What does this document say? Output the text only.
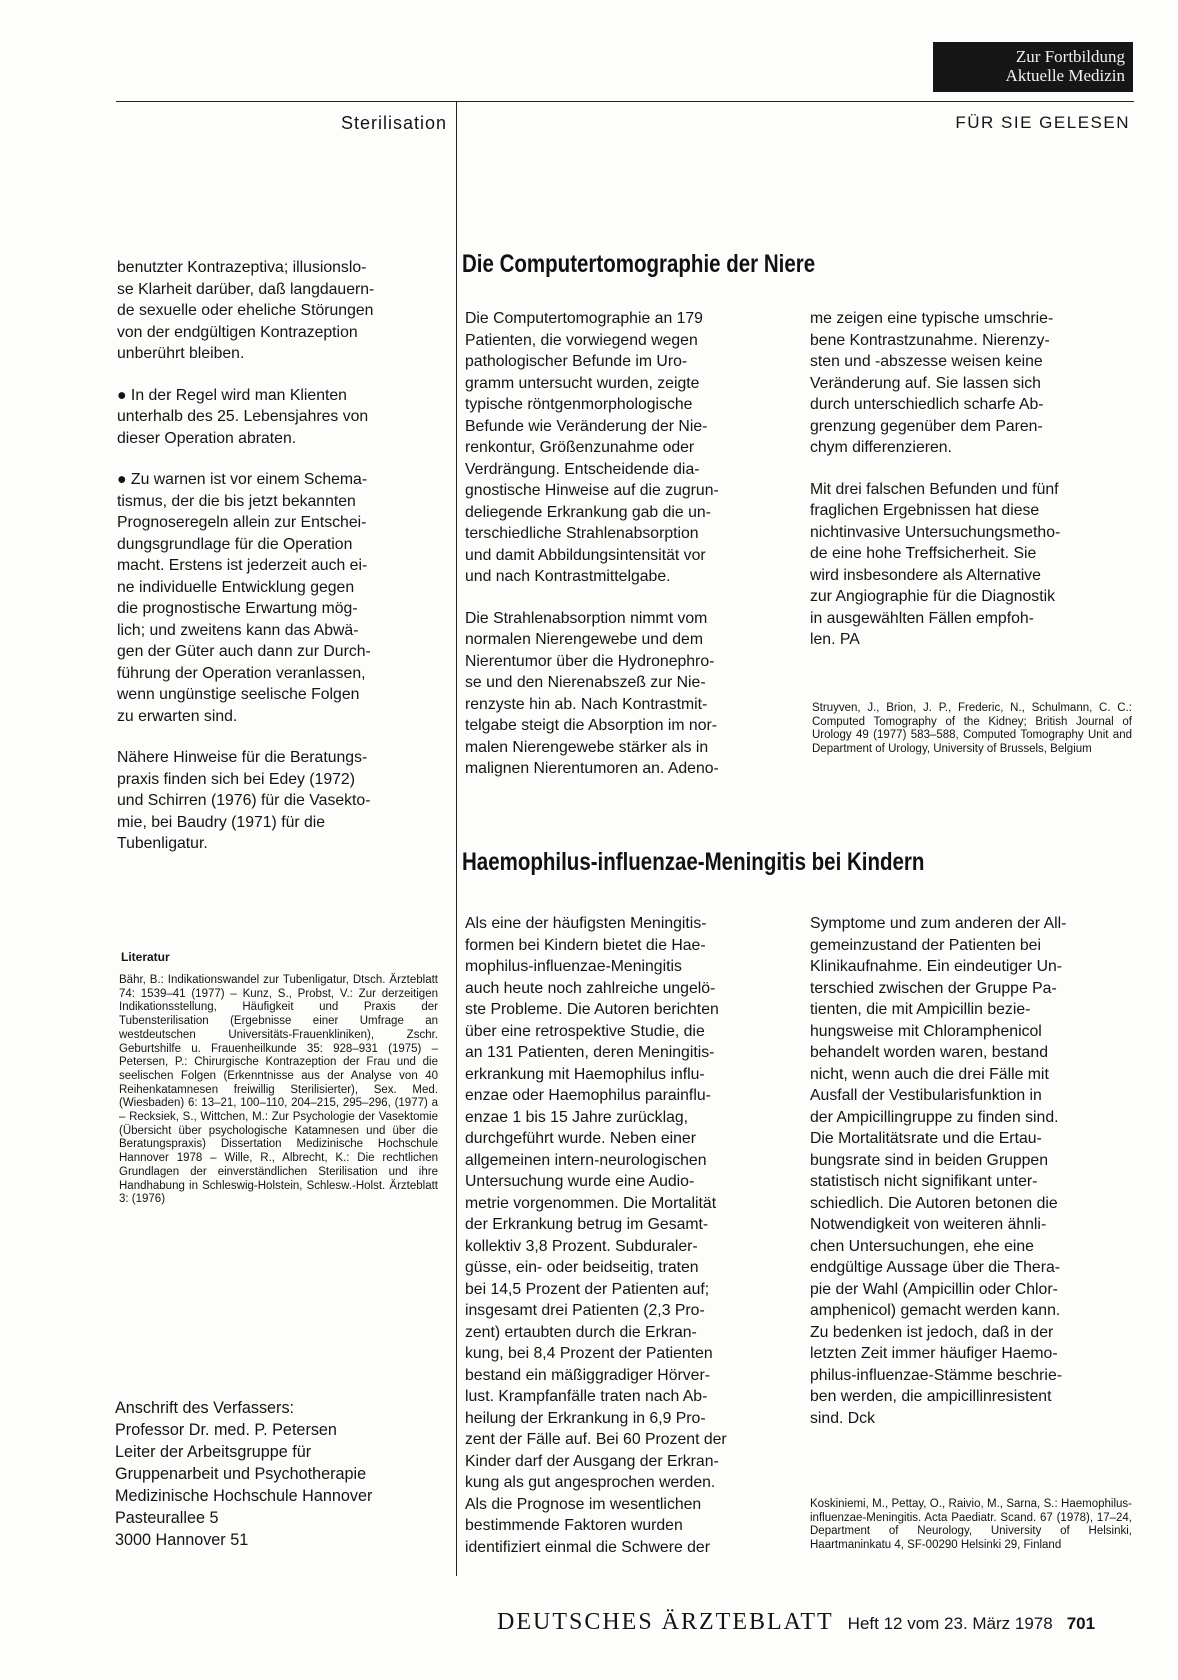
Zur Fortbildung
Aktuelle Medizin
Sterilisation	FÜR SIE GELESEN

benutzter Kontrazeptiva; illusionslo-
se Klarheit darüber, daß langdauern-
de sexuelle oder eheliche Störungen
von der endgültigen Kontrazeption
unberührt bleiben.

● In der Regel wird man Klienten
unterhalb des 25. Lebensjahres von
dieser Operation abraten.

● Zu warnen ist vor einem Schema-
tismus, der die bis jetzt bekannten
Prognoseregeln allein zur Entschei-
dungsgrundlage für die Operation
macht. Erstens ist jederzeit auch ei-
ne individuelle Entwicklung gegen
die prognostische Erwartung mög-
lich; und zweitens kann das Abwä-
gen der Güter auch dann zur Durch-
führung der Operation veranlassen,
wenn ungünstige seelische Folgen
zu erwarten sind.

Nähere Hinweise für die Beratungs-
praxis finden sich bei Edey (1972)
und Schirren (1976) für die Vasekto-
mie, bei Baudry (1971) für die
Tubenligatur.

Literatur
Bähr, B.: Indikationswandel zur Tubenligatur, Dtsch. Ärzteblatt 74: 1539–41 (1977) – Kunz, S., Probst, V.: Zur derzeitigen Indikationsstellung, Häufigkeit und Praxis der Tubensterilisation (Ergebnisse einer Umfrage an westdeutschen Universitäts-Frauenkliniken), Zschr. Geburtshilfe u. Frauenheilkunde 35: 928–931 (1975) – Petersen, P.: Chirurgische Kontrazeption der Frau und die seelischen Folgen (Erkenntnisse aus der Analyse von 40 Reihenkatamnesen freiwillig Sterilisierter), Sex. Med. (Wiesbaden) 6: 13–21, 100–110, 204–215, 295–296, (1977) a – Recksiek, S., Wittchen, M.: Zur Psychologie der Vasektomie (Übersicht über psychologische Katamnesen und über die Beratungspraxis) Dissertation Medizinische Hochschule Hannover 1978 – Wille, R., Albrecht, K.: Die rechtlichen Grundlagen der einverständlichen Sterilisation und ihre Handhabung in Schleswig-Holstein, Schlesw.-Holst. Ärzteblatt 3: (1976)
Anschrift des Verfassers:
Professor Dr. med. P. Petersen
Leiter der Arbeitsgruppe für
Gruppenarbeit und Psychotherapie
Medizinische Hochschule Hannover
Pasteurallee 5
3000 Hannover 51
Die Computertomographie der Niere

Die Computertomographie an 179
Patienten, die vorwiegend wegen
pathologischer Befunde im Uro-
gramm untersucht wurden, zeigte
typische röntgenmorphologische
Befunde wie Veränderung der Nie-
renkontur, Größenzunahme oder
Verdrängung. Entscheidende dia-
gnostische Hinweise auf die zugrun-
deliegende Erkrankung gab die un-
terschiedliche Strahlenabsorption
und damit Abbildungsintensität vor
und nach Kontrastmittelgabe.

Die Strahlenabsorption nimmt vom
normalen Nierengewebe und dem
Nierentumor über die Hydronephro-
se und den Nierenabszeß zur Nie-
renzyste hin ab. Nach Kontrastmit-
telgabe steigt die Absorption im nor-
malen Nierengewebe stärker als in
malignen Nierentumoren an. Adeno-

me zeigen eine typische umschrie-
bene Kontrastzunahme. Nierenzy-
sten und -abszesse weisen keine
Veränderung auf. Sie lassen sich
durch unterschiedlich scharfe Ab-
grenzung gegenüber dem Paren-
chym differenzieren.

Mit drei falschen Befunden und fünf
fraglichen Ergebnissen hat diese
nichtinvasive Untersuchungsmetho-
de eine hohe Treffsicherheit. Sie
wird insbesondere als Alternative
zur Angiographie für die Diagnostik
in ausgewählten Fällen empfoh-
len. PA

Struyven, J., Brion, J. P., Frederic, N., Schulmann, C. C.: Computed Tomography of the Kidney; British Journal of Urology 49 (1977) 583–588, Computed Tomography Unit and Department of Urology, University of Brussels, Belgium
Haemophilus-influenzae-Meningitis bei Kindern

Als eine der häufigsten Meningitis-
formen bei Kindern bietet die Hae-
mophilus-influenzae-Meningitis
auch heute noch zahlreiche ungelö-
ste Probleme. Die Autoren berichten
über eine retrospektive Studie, die
an 131 Patienten, deren Meningitis-
erkrankung mit Haemophilus influ-
enzae oder Haemophilus parainflu-
enzae 1 bis 15 Jahre zurücklag,
durchgeführt wurde. Neben einer
allgemeinen intern-neurologischen
Untersuchung wurde eine Audio-
metrie vorgenommen. Die Mortalität
der Erkrankung betrug im Gesamt-
kollektiv 3,8 Prozent. Subduraler-
güsse, ein- oder beidseitig, traten
bei 14,5 Prozent der Patienten auf;
insgesamt drei Patienten (2,3 Pro-
zent) ertaubten durch die Erkran-
kung, bei 8,4 Prozent der Patienten
bestand ein mäßiggradiger Hörver-
lust. Krampfanfälle traten nach Ab-
heilung der Erkrankung in 6,9 Pro-
zent der Fälle auf. Bei 60 Prozent der
Kinder darf der Ausgang der Erkran-
kung als gut angesprochen werden.
Als die Prognose im wesentlichen
bestimmende Faktoren wurden
identifiziert einmal die Schwere der

Symptome und zum anderen der All-
gemeinzustand der Patienten bei
Klinikaufnahme. Ein eindeutiger Un-
terschied zwischen der Gruppe Pa-
tienten, die mit Ampicillin bezie-
hungsweise mit Chloramphenicol
behandelt worden waren, bestand
nicht, wenn auch die drei Fälle mit
Ausfall der Vestibularisfunktion in
der Ampicillingruppe zu finden sind.
Die Mortalitätsrate und die Ertau-
bungsrate sind in beiden Gruppen
statistisch nicht signifikant unter-
schiedlich. Die Autoren betonen die
Notwendigkeit von weiteren ähnli-
chen Untersuchungen, ehe eine
endgültige Aussage über die Thera-
pie der Wahl (Ampicillin oder Chlor-
amphenicol) gemacht werden kann.
Zu bedenken ist jedoch, daß in der
letzten Zeit immer häufiger Haemo-
philus-influenzae-Stämme beschrie-
ben werden, die ampicillinresistent
sind. Dck

Koskiniemi, M., Pettay, O., Raivio, M., Sarna, S.: Haemophilus-influenzae-Meningitis. Acta Paediatr. Scand. 67 (1978), 17–24, Department of Neurology, University of Helsinki, Haartmaninkatu 4, SF-00290 Helsinki 29, Finland
DEUTSCHES ÄRZTEBLATT Heft 12 vom 23. März 1978 701
